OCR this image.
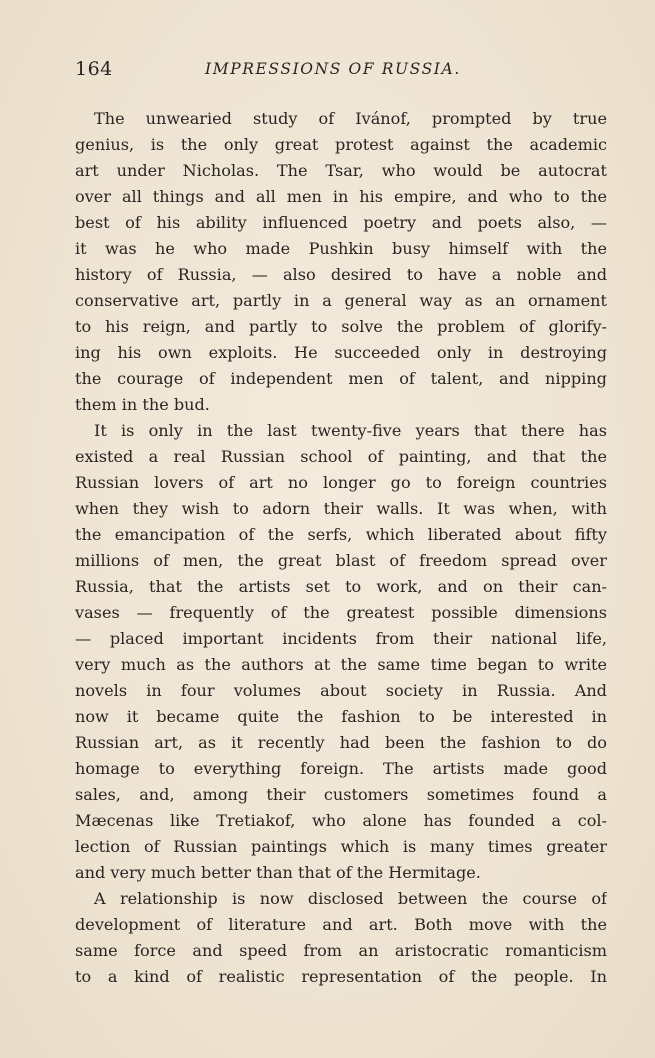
164	IMPRESSIONS OF RUSSIA.
The unwearied study of Ivánof, prompted by true
genius, is the only great protest against the academic
art under Nicholas. The Tsar, who would be autocrat
over all things and all men in his empire, and who to the
best of his ability influenced poetry and poets also, —
it was he who made Pushkin busy himself with the
history of Russia, — also desired to have a noble and
conservative art, partly in a general way as an ornament
to his reign, and partly to solve the problem of glorify-
ing his own exploits. He succeeded only in destroying
the courage of independent men of talent, and nipping
them in the bud.
It is only in the last twenty-five years that there has
existed a real Russian school of painting, and that the
Russian lovers of art no longer go to foreign countries
when they wish to adorn their walls. It was when, with
the emancipation of the serfs, which liberated about fifty
millions of men, the great blast of freedom spread over
Russia, that the artists set to work, and on their can-
vases — frequently of the greatest possible dimensions
— placed important incidents from their national life,
very much as the authors at the same time began to write
novels in four volumes about society in Russia. And
now it became quite the fashion to be interested in
Russian art, as it recently had been the fashion to do
homage to everything foreign. The artists made good
sales, and, among their customers sometimes found a
Mæcenas like Tretiakof, who alone has founded a col-
lection of Russian paintings which is many times greater
and very much better than that of the Hermitage.
A relationship is now disclosed between the course of
development of literature and art. Both move with the
same force and speed from an aristocratic romanticism
to a kind of realistic representation of the people. In
